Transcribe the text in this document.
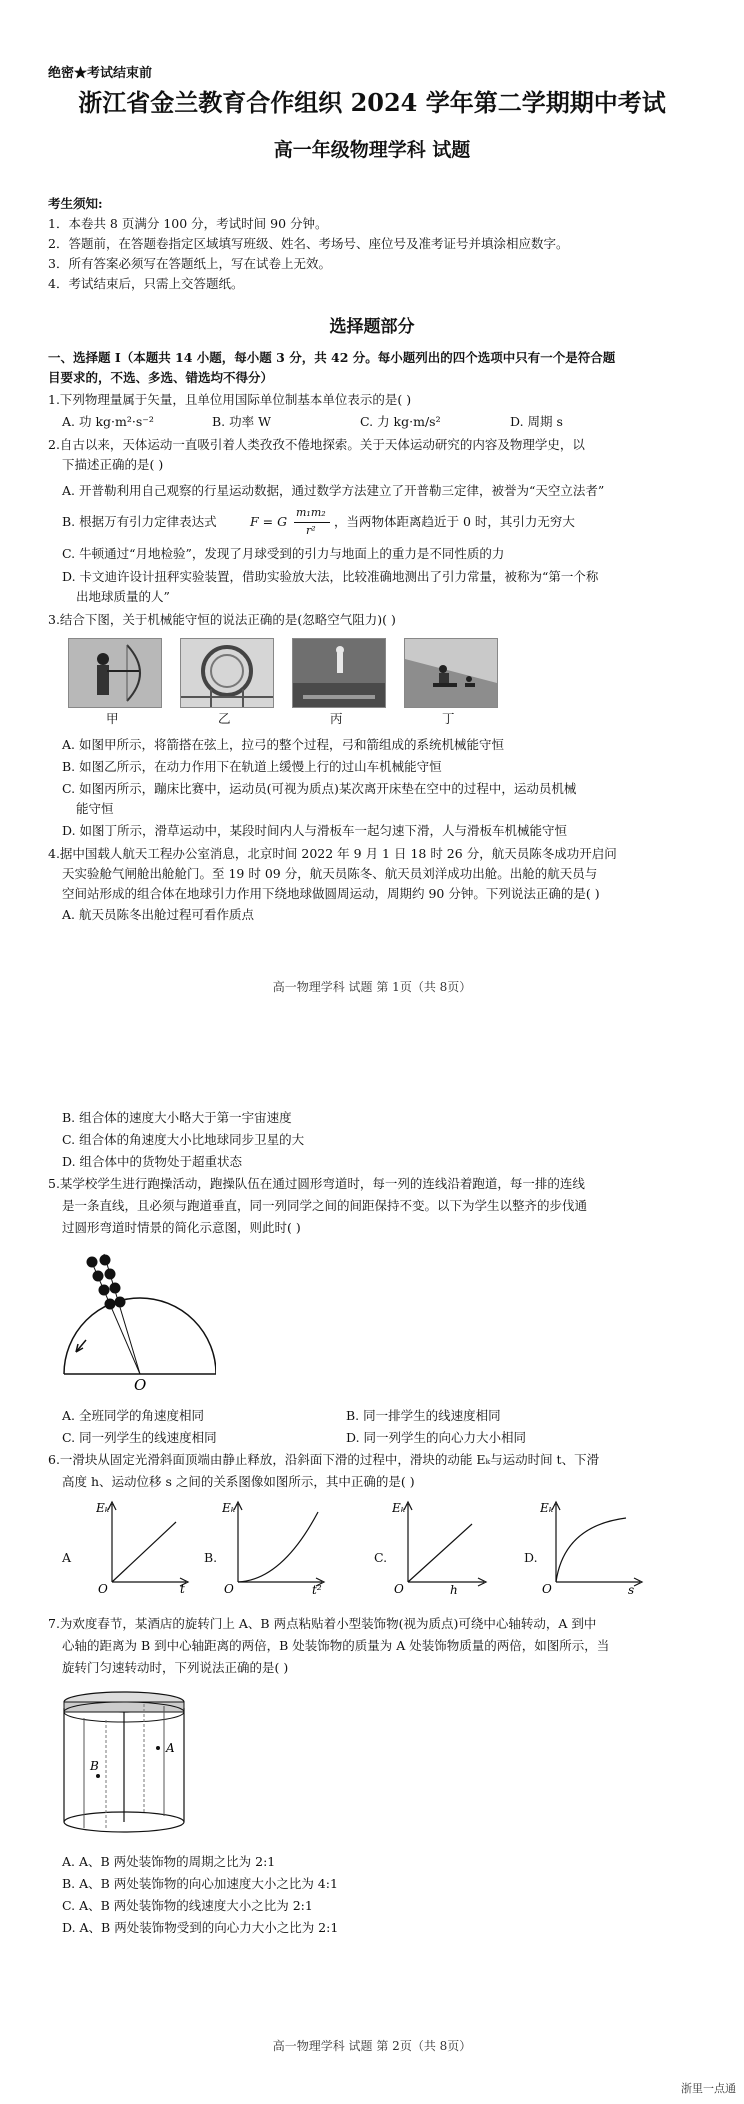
绝密★考试结束前
浙江省金兰教育合作组织 2024 学年第二学期期中考试
高一年级物理学科 试题
考生须知:
1．本卷共 8 页满分 100 分，考试时间 90 分钟。
2．答题前，在答题卷指定区域填写班级、姓名、考场号、座位号及准考证号并填涂相应数字。
3．所有答案必须写在答题纸上，写在试卷上无效。
4．考试结束后，只需上交答题纸。
选择题部分
一、选择题 I（本题共 14 小题，每小题 3 分，共 42 分。每小题列出的四个选项中只有一个是符合题
目要求的，不选、多选、错选均不得分）
1.下列物理量属于矢量，且单位用国际单位制基本单位表示的是( )
A. 功 kg·m²·s⁻²	B. 功率 W	C. 力 kg·m/s²	D. 周期 s
2.自古以来，天体运动一直吸引着人类孜孜不倦地探索。关于天体运动研究的内容及物理学史，以
下描述正确的是( )
A. 开普勒利用自己观察的行星运动数据，通过数学方法建立了开普勒三定律，被誉为“天空立法者”
B. 根据万有引力定律表达式	F = G
m₁m₂
r²
，当两物体距离趋近于 0 时，其引力无穷大
C. 牛顿通过“月地检验”，发现了月球受到的引力与地面上的重力是不同性质的力
D. 卡文迪许设计扭秤实验装置，借助实验放大法，比较准确地测出了引力常量，被称为“第一个称
出地球质量的人”
3.结合下图，关于机械能守恒的说法正确的是(忽略空气阻力)( )
甲	乙	丙	丁
A. 如图甲所示，将箭搭在弦上，拉弓的整个过程，弓和箭组成的系统机械能守恒
B. 如图乙所示，在动力作用下在轨道上缓慢上行的过山车机械能守恒
C. 如图丙所示，蹦床比赛中，运动员(可视为质点)某次离开床垫在空中的过程中，运动员机械
能守恒
D. 如图丁所示，滑草运动中，某段时间内人与滑板车一起匀速下滑，人与滑板车机械能守恒
4.据中国载人航天工程办公室消息，北京时间 2022 年 9 月 1 日 18 时 26 分，航天员陈冬成功开启问
天实验舱气闸舱出舱舱门。至 19 时 09 分，航天员陈冬、航天员刘洋成功出舱。出舱的航天员与
空间站形成的组合体在地球引力作用下绕地球做圆周运动，周期约 90 分钟。下列说法正确的是( )
A. 航天员陈冬出舱过程可看作质点
高一物理学科 试题 第 1页（共 8页）
B. 组合体的速度大小略大于第一宇宙速度
C. 组合体的角速度大小比地球同步卫星的大
D. 组合体中的货物处于超重状态
5.某学校学生进行跑操活动，跑操队伍在通过圆形弯道时，每一列的连线沿着跑道，每一排的连线
是一条直线，且必须与跑道垂直，同一列同学之间的间距保持不变。以下为学生以整齐的步伐通
过圆形弯道时情景的简化示意图，则此时( )
O
A. 全班同学的角速度相同	B. 同一排学生的线速度相同
C. 同一列学生的线速度相同	D. 同一列学生的向心力大小相同
6.一滑块从固定光滑斜面顶端由静止释放，沿斜面下滑的过程中，滑块的动能 Eₖ与运动时间 t、下滑
高度 h、运动位移 s 之间的关系图像如图所示，其中正确的是( )
A
Eₖ
t
O
B.
Eₖ
t²
O
C.
Eₖ
h
O
D.
Eₖ
s
O
7.为欢度春节，某酒店的旋转门上 A、B 两点粘贴着小型装饰物(视为质点)可绕中心轴转动，A 到中
心轴的距离为 B 到中心轴距离的两倍，B 处装饰物的质量为 A 处装饰物质量的两倍，如图所示，当
旋转门匀速转动时，下列说法正确的是( )
A
B
A. A、B 两处装饰物的周期之比为 2:1
B. A、B 两处装饰物的向心加速度大小之比为 4:1
C. A、B 两处装饰物的线速度大小之比为 2:1
D. A、B 两处装饰物受到的向心力大小之比为 2:1
高一物理学科 试题 第 2页（共 8页）
浙里一点通
